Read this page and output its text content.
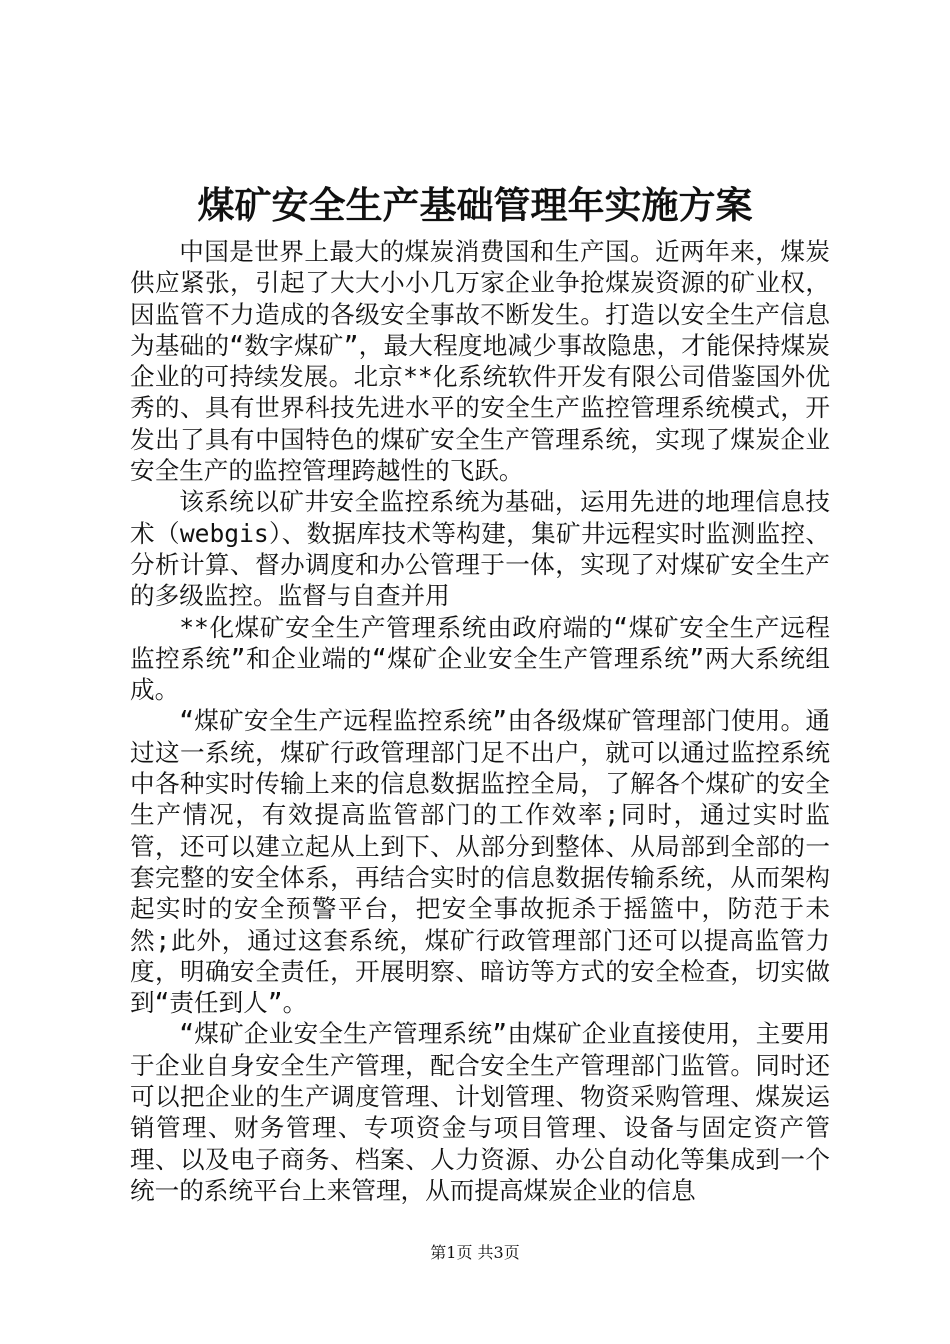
煤矿安全生产基础管理年实施方案

中国是世界上最大的煤炭消费国和生产国。近两年来，煤炭供应紧张，引起了大大小小几万家企业争抢煤炭资源的矿业权，因监管不力造成的各级安全事故不断发生。打造以安全生产信息为基础的“数字煤矿”，最大程度地减少事故隐患，才能保持煤炭企业的可持续发展。北京**化系统软件开发有限公司借鉴国外优秀的、具有世界科技先进水平的安全生产监控管理系统模式，开发出了具有中国特色的煤矿安全生产管理系统，实现了煤炭企业安全生产的监控管理跨越性的飞跃。

该系统以矿井安全监控系统为基础，运用先进的地理信息技术（webgis）、数据库技术等构建，集矿井远程实时监测监控、分析计算、督办调度和办公管理于一体，实现了对煤矿安全生产的多级监控。监督与自查并用

**化煤矿安全生产管理系统由政府端的“煤矿安全生产远程监控系统”和企业端的“煤矿企业安全生产管理系统”两大系统组成。

“煤矿安全生产远程监控系统”由各级煤矿管理部门使用。通过这一系统，煤矿行政管理部门足不出户，就可以通过监控系统中各种实时传输上来的信息数据监控全局，了解各个煤矿的安全生产情况，有效提高监管部门的工作效率;同时，通过实时监管，还可以建立起从上到下、从部分到整体、从局部到全部的一套完整的安全体系，再结合实时的信息数据传输系统，从而架构起实时的安全预警平台，把安全事故扼杀于摇篮中，防范于未然;此外，通过这套系统，煤矿行政管理部门还可以提高监管力度，明确安全责任，开展明察、暗访等方式的安全检查，切实做到“责任到人”。

“煤矿企业安全生产管理系统”由煤矿企业直接使用，主要用于企业自身安全生产管理，配合安全生产管理部门监管。同时还可以把企业的生产调度管理、计划管理、物资采购管理、煤炭运销管理、财务管理、专项资金与项目管理、设备与固定资产管理、以及电子商务、档案、人力资源、办公自动化等集成到一个统一的系统平台上来管理，从而提高煤炭企业的信息

第1页 共3页
